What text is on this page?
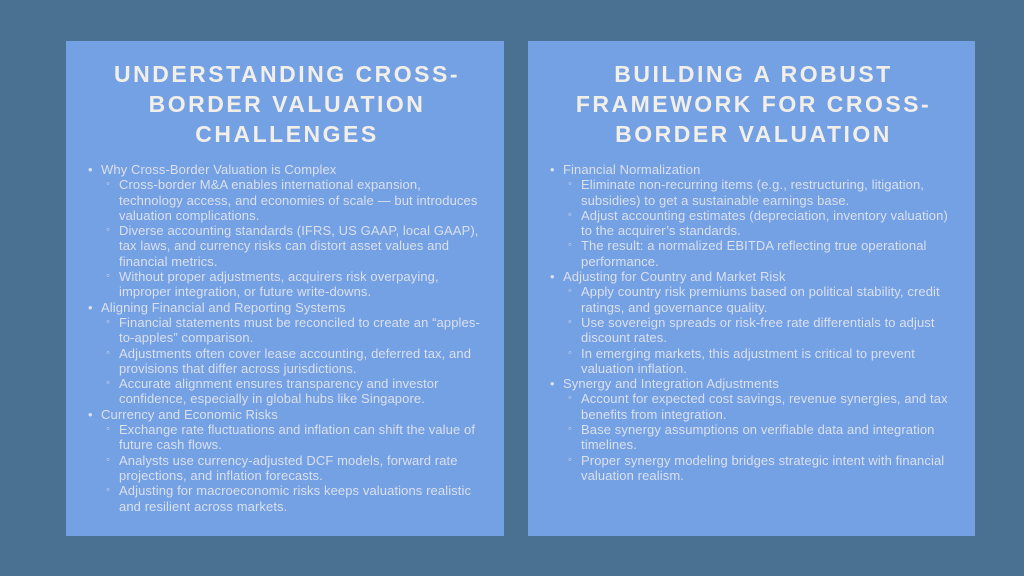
UNDERSTANDING CROSS-
BORDER VALUATION
CHALLENGES
• Why Cross-Border Valuation is Complex
◦ Cross-border M&A enables international expansion, technology access, and economies of scale — but introduces valuation complications.
◦ Diverse accounting standards (IFRS, US GAAP, local GAAP), tax laws, and currency risks can distort asset values and financial metrics.
◦ Without proper adjustments, acquirers risk overpaying, improper integration, or future write-downs.
• Aligning Financial and Reporting Systems
◦ Financial statements must be reconciled to create an “apples-to-apples” comparison.
◦ Adjustments often cover lease accounting, deferred tax, and provisions that differ across jurisdictions.
◦ Accurate alignment ensures transparency and investor confidence, especially in global hubs like Singapore.
• Currency and Economic Risks
◦ Exchange rate fluctuations and inflation can shift the value of future cash flows.
◦ Analysts use currency-adjusted DCF models, forward rate projections, and inflation forecasts.
◦ Adjusting for macroeconomic risks keeps valuations realistic and resilient across markets.
BUILDING A ROBUST
FRAMEWORK FOR CROSS-
BORDER VALUATION
• Financial Normalization
◦ Eliminate non-recurring items (e.g., restructuring, litigation, subsidies) to get a sustainable earnings base.
◦ Adjust accounting estimates (depreciation, inventory valuation) to the acquirer’s standards.
◦ The result: a normalized EBITDA reflecting true operational performance.
• Adjusting for Country and Market Risk
◦ Apply country risk premiums based on political stability, credit ratings, and governance quality.
◦ Use sovereign spreads or risk-free rate differentials to adjust discount rates.
◦ In emerging markets, this adjustment is critical to prevent valuation inflation.
• Synergy and Integration Adjustments
◦ Account for expected cost savings, revenue synergies, and tax benefits from integration.
◦ Base synergy assumptions on verifiable data and integration timelines.
◦ Proper synergy modeling bridges strategic intent with financial valuation realism.
